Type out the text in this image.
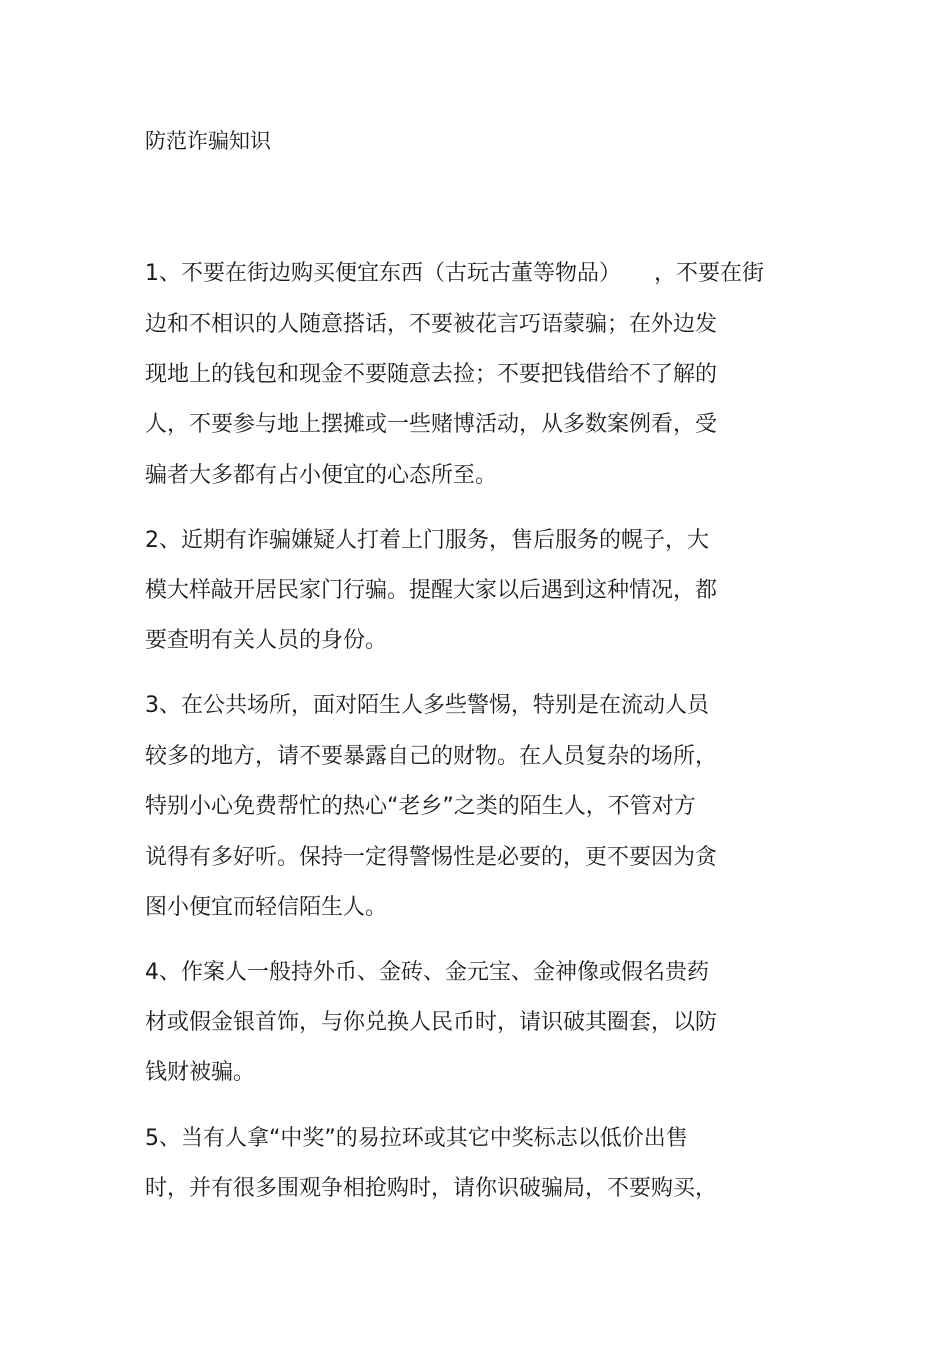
防范诈骗知识

1、不要在街边购买便宜东西（古玩古董等物品）　　，不要在街

边和不相识的人随意搭话，不要被花言巧语蒙骗；在外边发

现地上的钱包和现金不要随意去捡；不要把钱借给不了解的

人，不要参与地上摆摊或一些赌博活动，从多数案例看，受

骗者大多都有占小便宜的心态所至。

2、近期有诈骗嫌疑人打着上门服务，售后服务的幌子，大

模大样敲开居民家门行骗。提醒大家以后遇到这种情况，都

要查明有关人员的身份。

3、在公共场所，面对陌生人多些警惕，特别是在流动人员

较多的地方，请不要暴露自己的财物。在人员复杂的场所，

特别小心免费帮忙的热心“老乡”之类的陌生人，不管对方

说得有多好听。保持一定得警惕性是必要的，更不要因为贪

图小便宜而轻信陌生人。

4、作案人一般持外币、金砖、金元宝、金神像或假名贵药

材或假金银首饰，与你兑换人民币时，请识破其圈套，以防

钱财被骗。

5、当有人拿“中奖”的易拉环或其它中奖标志以低价出售

时，并有很多围观争相抢购时，请你识破骗局，不要购买，
